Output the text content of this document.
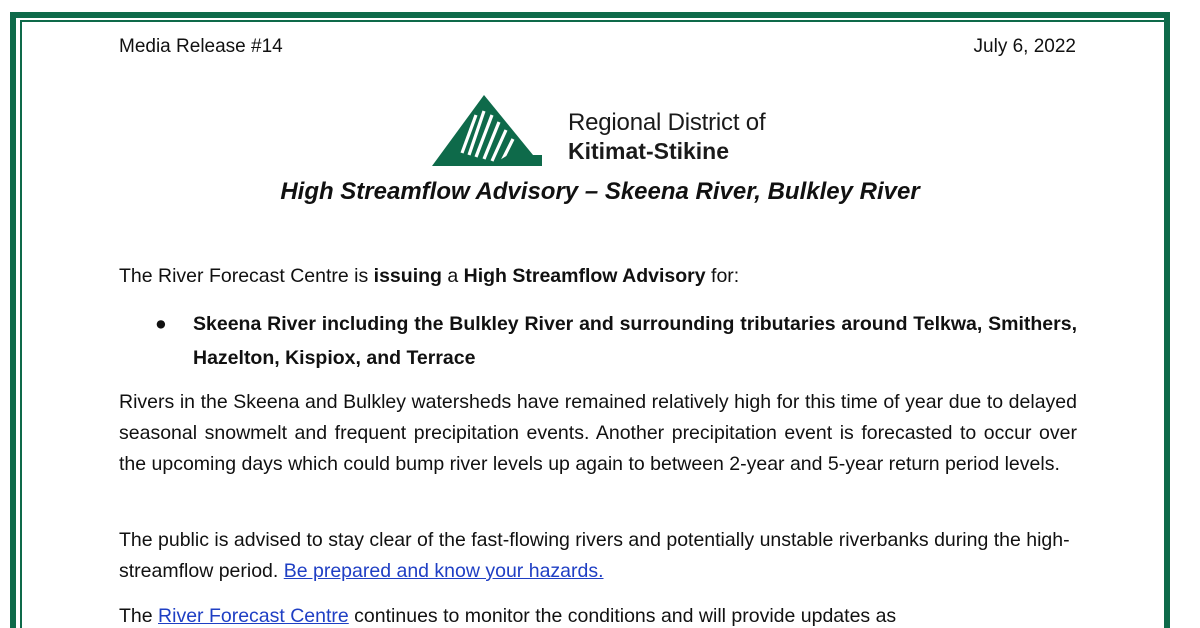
Media Release #14	July 6, 2022
Regional District of
Kitimat-Stikine
High Streamflow Advisory – Skeena River, Bulkley River
The River Forecast Centre is issuing a High Streamflow Advisory for:
● Skeena River including the Bulkley River and surrounding tributaries around Telkwa, Smithers, Hazelton, Kispiox, and Terrace
Rivers in the Skeena and Bulkley watersheds have remained relatively high for this time of year due to delayed seasonal snowmelt and frequent precipitation events. Another precipitation event is forecasted to occur over the upcoming days which could bump river levels up again to between 2-year and 5-year return period levels.
The public is advised to stay clear of the fast-flowing rivers and potentially unstable riverbanks during the high-streamflow period. Be prepared and know your hazards.
The River Forecast Centre continues to monitor the conditions and will provide updates as
